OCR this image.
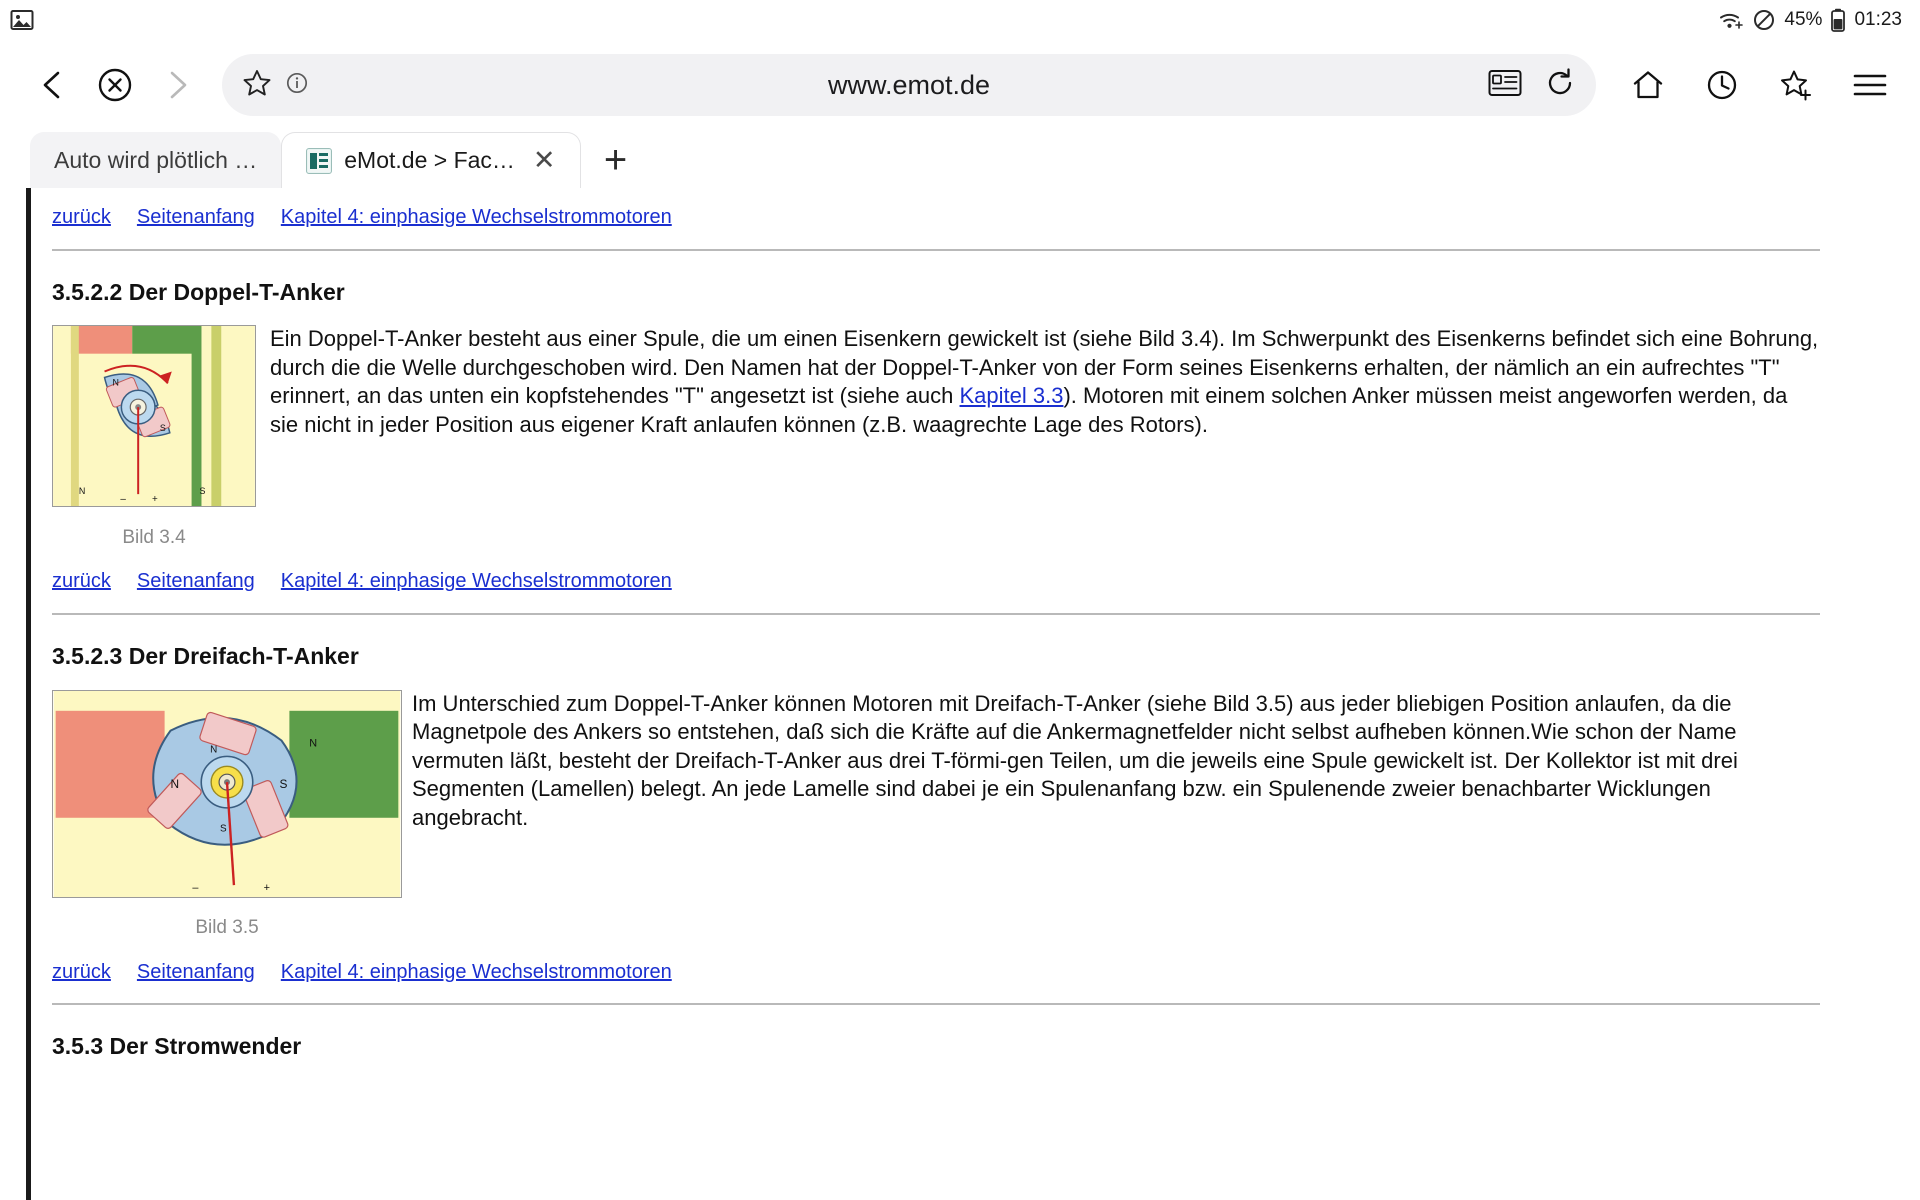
45% 01:23
www.emot.de
Auto wird plötlich …	eMot.de > Fac… ✕	+
zurück Seitenanfang Kapitel 4: einphasige Wechselstrommotoren
3.5.2.2 Der Doppel-T-Anker
N
S
N	S
–	+
Bild 3.4

Ein Doppel-T-Anker besteht aus einer Spule, die um einen Eisenkern gewickelt ist (siehe Bild 3.4). Im Schwerpunkt des Eisenkerns befindet sich eine Bohrung, durch die die Welle durchgeschoben wird. Den Namen hat der Doppel-T-Anker von der Form seines Eisenkerns erhalten, der nämlich an ein aufrechtes "T" erinnert, an das unten ein kopfstehendes "T" angesetzt ist (siehe auch Kapitel 3.3). Motoren mit einem solchen Anker müssen meist angeworfen werden, da sie nicht in jeder Position aus eigener Kraft anlaufen können (z.B. waagrechte Lage des Rotors).

zurück Seitenanfang Kapitel 4: einphasige Wechselstrommotoren
3.5.2.3 Der Dreifach-T-Anker
N	S
N
N
S
–	+
Bild 3.5

Im Unterschied zum Doppel-T-Anker können Motoren mit Dreifach-T-Anker (siehe Bild 3.5) aus jeder bliebigen Position anlaufen, da die Magnetpole des Ankers so entstehen, daß sich die Kräfte auf die Ankermagnetfelder nicht selbst aufheben können.Wie schon der Name vermuten läßt, besteht der Dreifach-T-Anker aus drei T-förmi-gen Teilen, um die jeweils eine Spule gewickelt ist. Der Kollektor ist mit drei Segmenten (Lamellen) belegt. An jede Lamelle sind dabei je ein Spulenanfang bzw. ein Spulenende zweier benachbarter Wicklungen angebracht.

zurück Seitenanfang Kapitel 4: einphasige Wechselstrommotoren
3.5.3 Der Stromwender
